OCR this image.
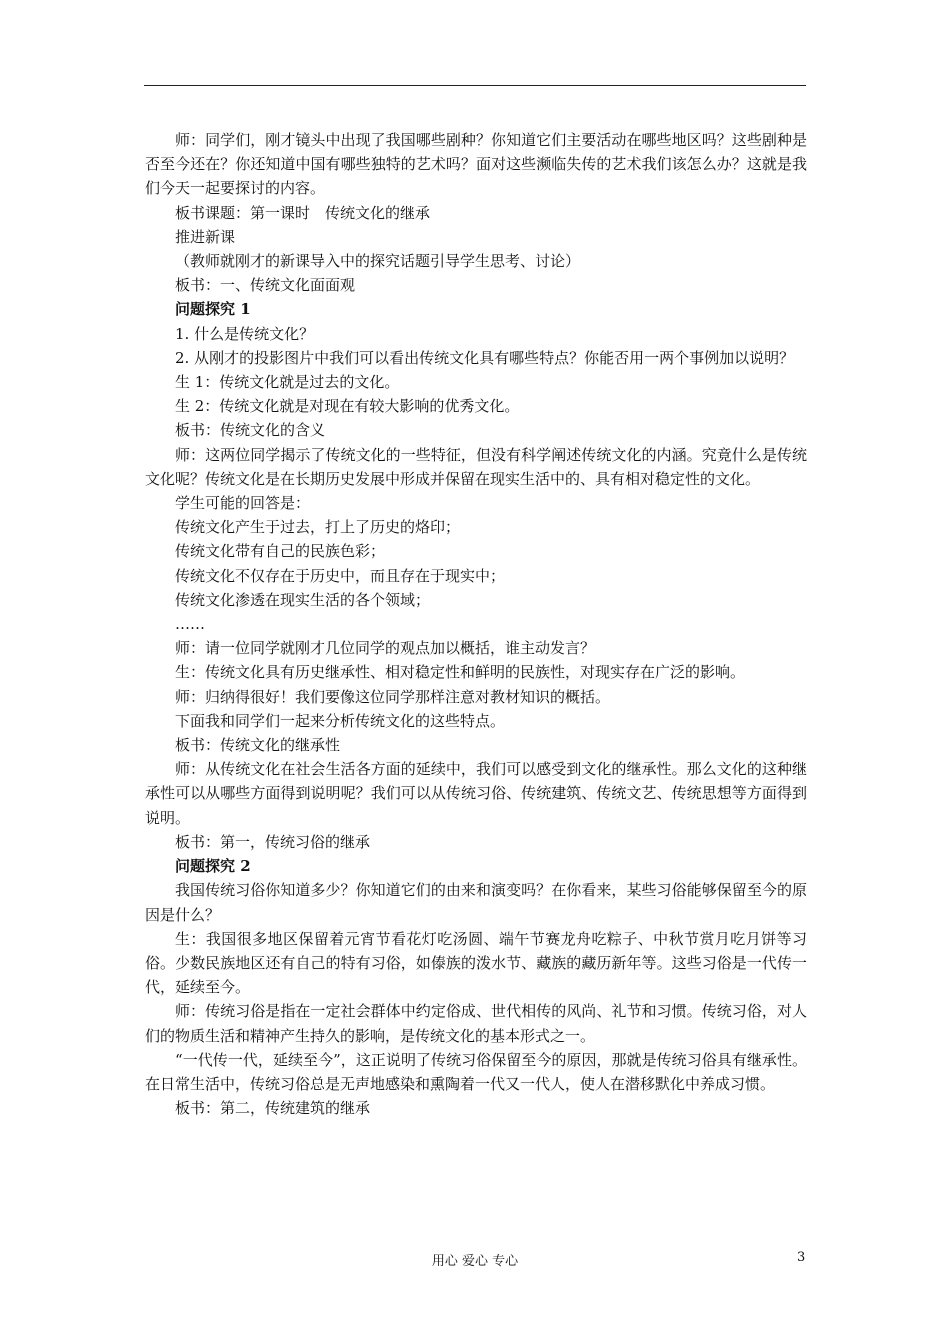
师：同学们，刚才镜头中出现了我国哪些剧种？你知道它们主要活动在哪些地区吗？这些剧种是否至今还在？你还知道中国有哪些独特的艺术吗？面对这些濒临失传的艺术我们该怎么办？这就是我们今天一起要探讨的内容。

板书课题：第一课时　传统文化的继承

推进新课

（教师就刚才的新课导入中的探究话题引导学生思考、讨论）

板书：一、传统文化面面观

问题探究 1

1. 什么是传统文化？

2. 从刚才的投影图片中我们可以看出传统文化具有哪些特点？你能否用一两个事例加以说明？

生 1：传统文化就是过去的文化。

生 2：传统文化就是对现在有较大影响的优秀文化。

板书：传统文化的含义

师：这两位同学揭示了传统文化的一些特征，但没有科学阐述传统文化的内涵。究竟什么是传统文化呢？传统文化是在长期历史发展中形成并保留在现实生活中的、具有相对稳定性的文化。

学生可能的回答是：

传统文化产生于过去，打上了历史的烙印；

传统文化带有自己的民族色彩；

传统文化不仅存在于历史中，而且存在于现实中；

传统文化渗透在现实生活的各个领域；

……

师：请一位同学就刚才几位同学的观点加以概括，谁主动发言？

生：传统文化具有历史继承性、相对稳定性和鲜明的民族性，对现实存在广泛的影响。

师：归纳得很好！我们要像这位同学那样注意对教材知识的概括。

下面我和同学们一起来分析传统文化的这些特点。

板书：传统文化的继承性

师：从传统文化在社会生活各方面的延续中，我们可以感受到文化的继承性。那么文化的这种继承性可以从哪些方面得到说明呢？我们可以从传统习俗、传统建筑、传统文艺、传统思想等方面得到说明。

板书：第一，传统习俗的继承

问题探究 2

我国传统习俗你知道多少？你知道它们的由来和演变吗？在你看来，某些习俗能够保留至今的原因是什么？

生：我国很多地区保留着元宵节看花灯吃汤圆、端午节赛龙舟吃粽子、中秋节赏月吃月饼等习俗。少数民族地区还有自己的特有习俗，如傣族的泼水节、藏族的藏历新年等。这些习俗是一代传一代，延续至今。

师：传统习俗是指在一定社会群体中约定俗成、世代相传的风尚、礼节和习惯。传统习俗，对人们的物质生活和精神产生持久的影响，是传统文化的基本形式之一。

“一代传一代，延续至今”，这正说明了传统习俗保留至今的原因，那就是传统习俗具有继承性。在日常生活中，传统习俗总是无声地感染和熏陶着一代又一代人，使人在潜移默化中养成习惯。

板书：第二，传统建筑的继承

用心 爱心 专心	3
